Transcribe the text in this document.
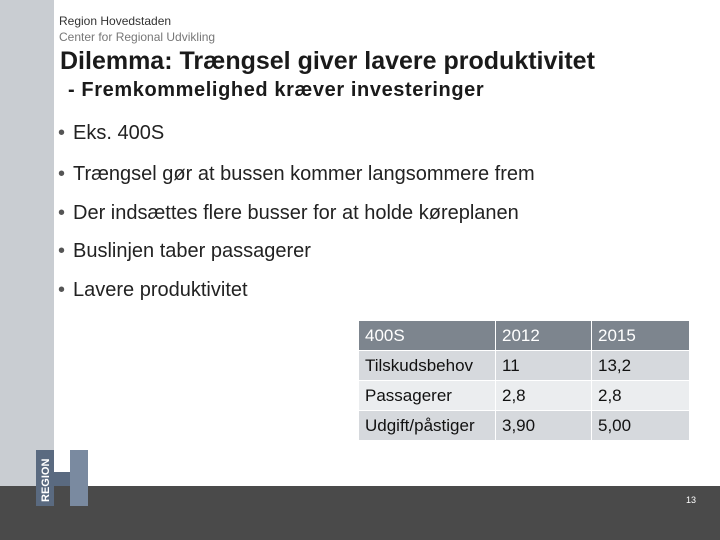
REGION
Region Hovedstaden
Center for Regional Udvikling
Dilemma: Trængsel giver lavere produktivitet
- Fremkommelighed kræver investeringer
• Eks. 400S
• Trængsel gør at bussen kommer langsommere frem
• Der indsættes flere busser for at holde køreplanen
• Buslinjen taber passagerer
• Lavere produktivitet
400S	2012	2015
Tilskudsbehov	11	13,2
Passagerer	2,8	2,8
Udgift/påstiger	3,90	5,00
13
